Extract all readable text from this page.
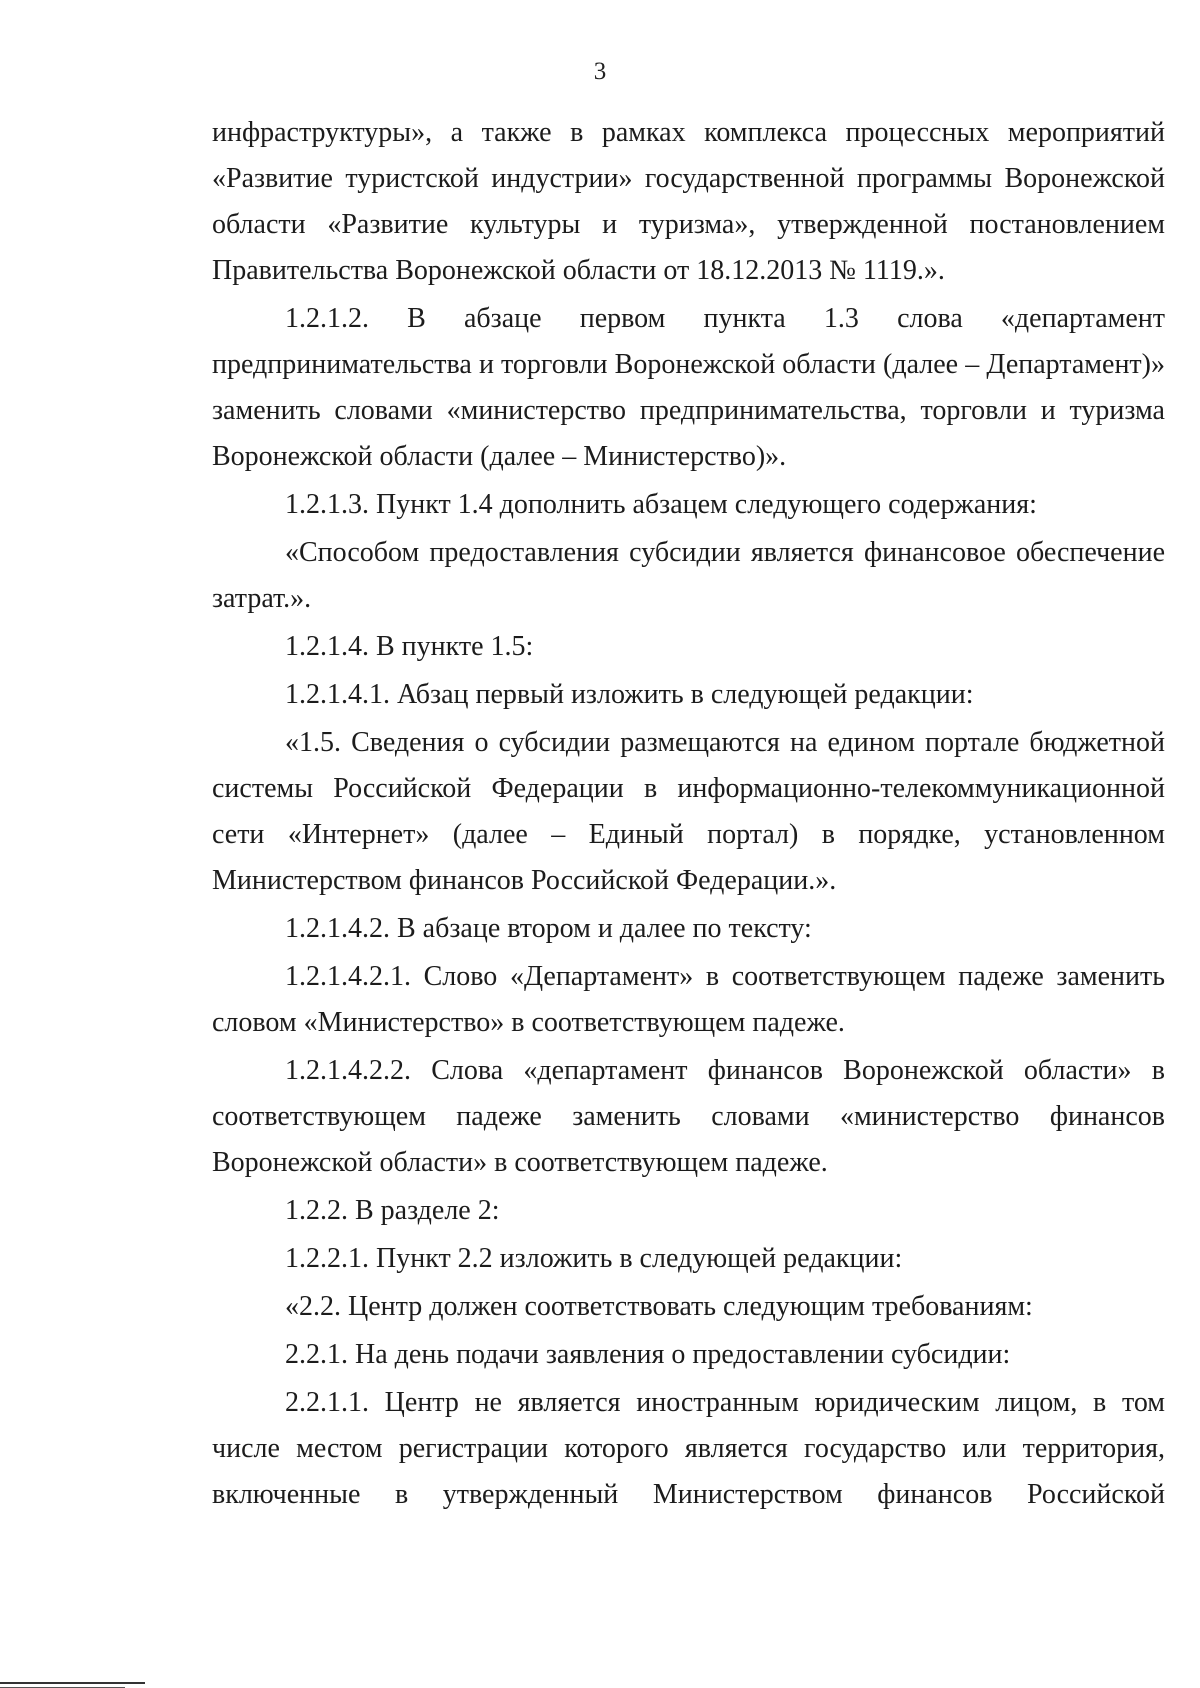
3

инфраструктуры», а также в рамках комплекса процессных мероприятий «Развитие туристской индустрии» государственной программы Воронежской области «Развитие культуры и туризма», утвержденной постановлением Правительства Воронежской области от 18.12.2013 № 1119.».

1.2.1.2. В абзаце первом пункта 1.3 слова «департамент предпринимательства и торговли Воронежской области (далее – Департамент)» заменить словами «министерство предпринимательства, торговли и туризма Воронежской области (далее – Министерство)».

1.2.1.3. Пункт 1.4 дополнить абзацем следующего содержания:

«Способом предоставления субсидии является финансовое обеспечение затрат.».

1.2.1.4. В пункте 1.5:

1.2.1.4.1. Абзац первый изложить в следующей редакции:

«1.5. Сведения о субсидии размещаются на едином портале бюджетной системы Российской Федерации в информационно-телекоммуникационной сети «Интернет» (далее – Единый портал) в порядке, установленном Министерством финансов Российской Федерации.».

1.2.1.4.2. В абзаце втором и далее по тексту:

1.2.1.4.2.1. Слово «Департамент» в соответствующем падеже заменить словом «Министерство» в соответствующем падеже.

1.2.1.4.2.2. Слова «департамент финансов Воронежской области» в соответствующем падеже заменить словами «министерство финансов Воронежской области» в соответствующем падеже.

1.2.2. В разделе 2:

1.2.2.1. Пункт 2.2 изложить в следующей редакции:

«2.2. Центр должен соответствовать следующим требованиям:

2.2.1. На день подачи заявления о предоставлении субсидии:

2.2.1.1. Центр не является иностранным юридическим лицом, в том числе местом регистрации которого является государство или территория, включенные в утвержденный Министерством финансов Российской
